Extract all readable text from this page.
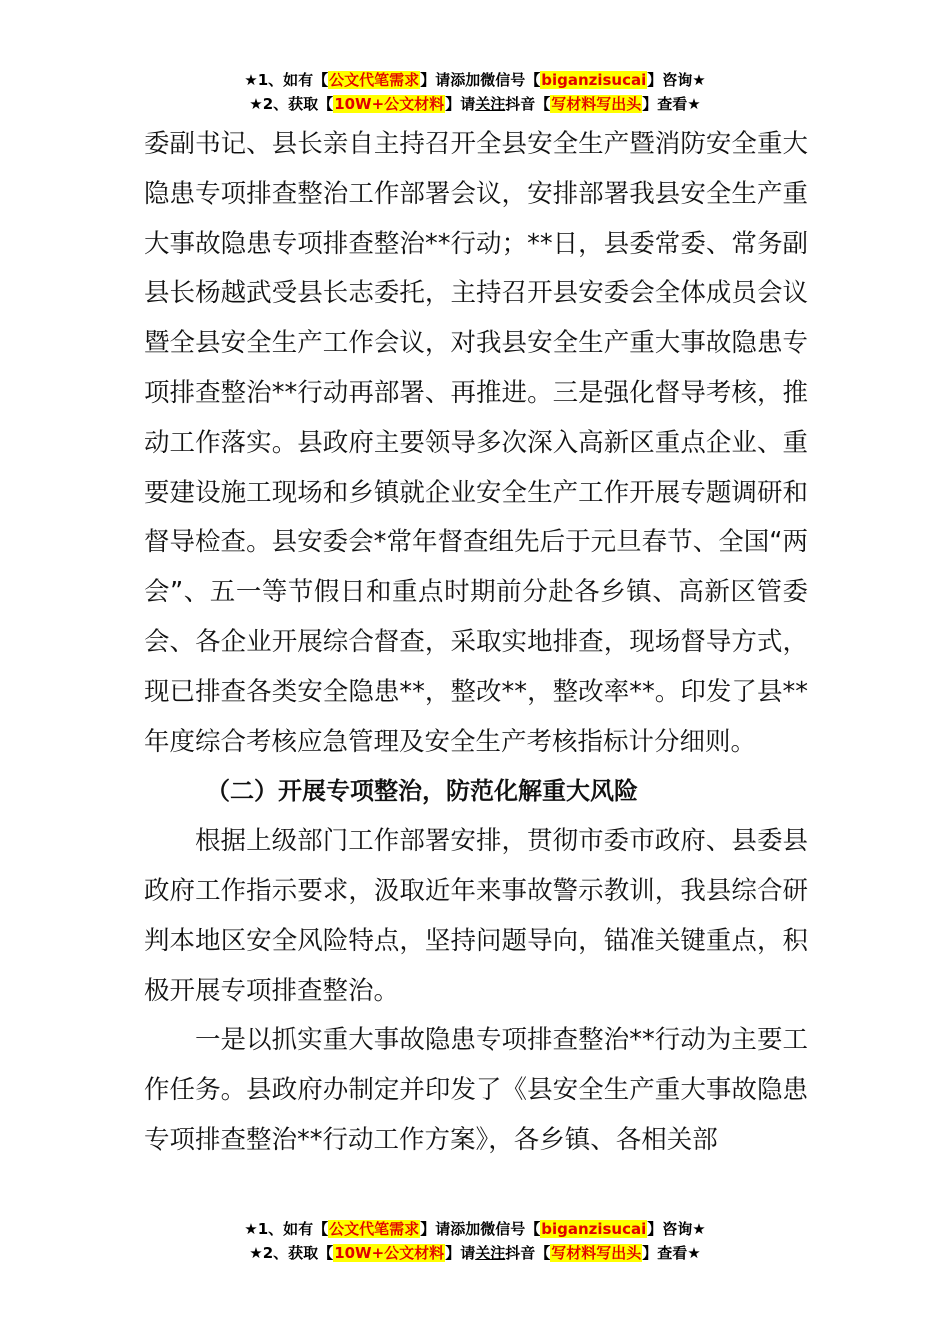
★1、如有【公文代笔需求】请添加微信号【biganzisucai】咨询★
★2、获取【10W+公文材料】请关注抖音【写材料写出头】查看★

委副书记、县长亲自主持召开全县安全生产暨消防安全重大隐患专项排查整治工作部署会议，安排部署我县安全生产重大事故隐患专项排查整治**行动；**日，县委常委、常务副县长杨越武受县长志委托，主持召开县安委会全体成员会议暨全县安全生产工作会议，对我县安全生产重大事故隐患专项排查整治**行动再部署、再推进。三是强化督导考核，推动工作落实。县政府主要领导多次深入高新区重点企业、重要建设施工现场和乡镇就企业安全生产工作开展专题调研和督导检查。县安委会*常年督查组先后于元旦春节、全国“两会”、五一等节假日和重点时期前分赴各乡镇、高新区管委会、各企业开展综合督查，采取实地排查，现场督导方式，现已排查各类安全隐患**，整改**，整改率**。印发了县**年度综合考核应急管理及安全生产考核指标计分细则。

（二）开展专项整治，防范化解重大风险

根据上级部门工作部署安排，贯彻市委市政府、县委县政府工作指示要求，汲取近年来事故警示教训，我县综合研判本地区安全风险特点，坚持问题导向，锚准关键重点，积极开展专项排查整治。

一是以抓实重大事故隐患专项排查整治**行动为主要工作任务。县政府办制定并印发了《县安全生产重大事故隐患专项排查整治**行动工作方案》，各乡镇、各相关部

★1、如有【公文代笔需求】请添加微信号【biganzisucai】咨询★
★2、获取【10W+公文材料】请关注抖音【写材料写出头】查看★
